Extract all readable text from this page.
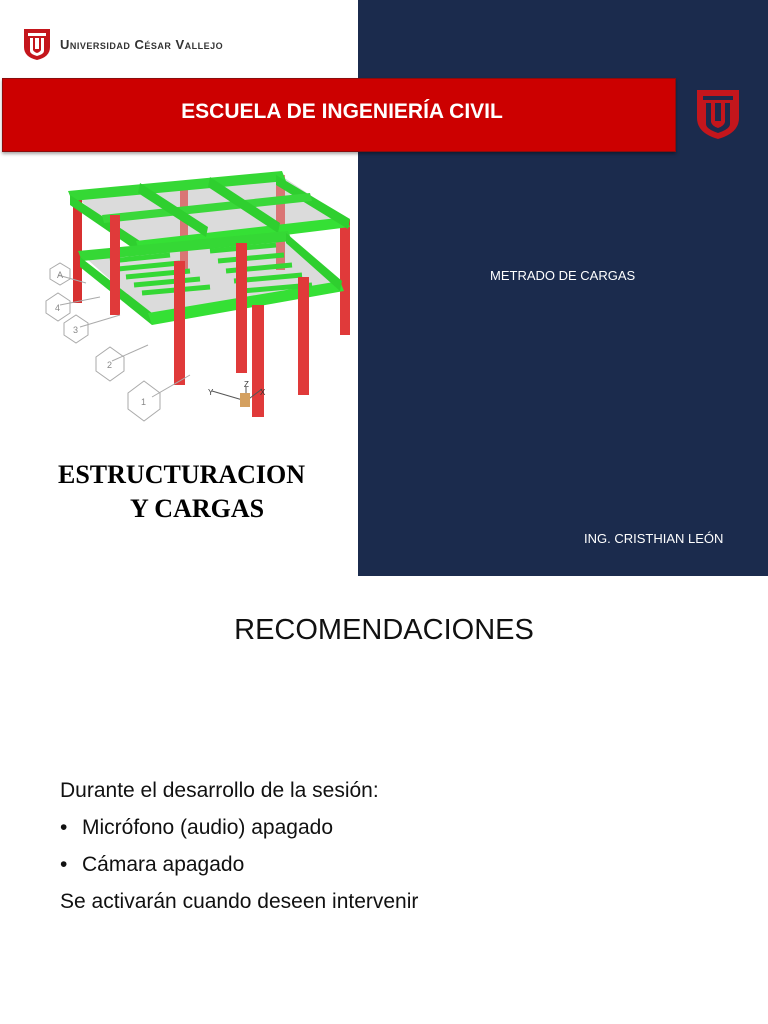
Universidad César Vallejo
ESCUELA DE INGENIERÍA CIVIL
A
4
3
2
1
Y	X
Z
ESTRUCTURACION
Y CARGAS
METRADO DE CARGAS
ING. CRISTHIAN LEÓN
RECOMENDACIONES
Durante el desarrollo de la sesión:
• Micrófono (audio) apagado
• Cámara apagado
Se activarán cuando deseen intervenir
